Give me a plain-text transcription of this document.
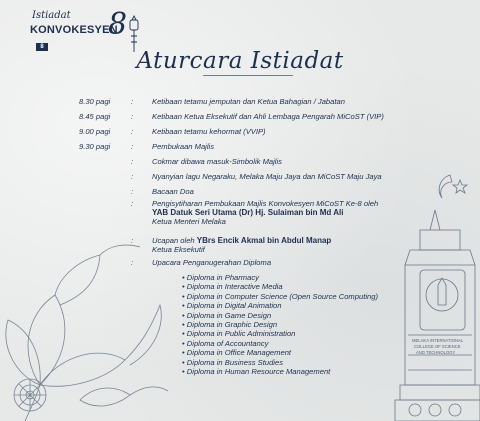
MELAKA INTERNATIONAL
COLLEGE OF SCIENCE
AND TECHNOLOGY
Istiadat
KONVOKESYEN
8
8
Aturcara Istiadat
8.30 pagi	: Ketibaan tetamu jemputan dan Ketua Bahagian / Jabatan
8.45 pagi	: Ketibaan Ketua Eksekutif dan Ahli Lembaga Pengarah MiCoST (VIP)
9.00 pagi	: Ketibaan tetamu kehormat (VVIP)
9.30 pagi	: Pembukaan Majlis
: Cokmar dibawa masuk-Simbolik Majlis
: Nyanyian lagu Negaraku, Melaka Maju Jaya dan MiCoST Maju Jaya
: Bacaan Doa
: Pengisytiharan Pembukaan Majlis Konvokesyen MiCoST Ke-8 oleh
YAB Datuk Seri Utama (Dr) Hj. Sulaiman bin Md Ali
Ketua Menteri Melaka
: Ucapan oleh YBrs Encik Akmal bin Abdul Manap
Ketua Eksekutif
: Upacara Penganugerahan Diploma
• Diploma in Pharmacy
• Diploma in Interactive Media
• Diploma in Computer Science (Open Source Computing)
• Diploma in Digital Animation
• Diploma in Game Design
• Diploma in Graphic Design
• Diploma in Public Administration
• Diploma of Accountancy
• Diploma in Office Management
• Diploma in Business Studies
• Diploma in Human Resource Management
